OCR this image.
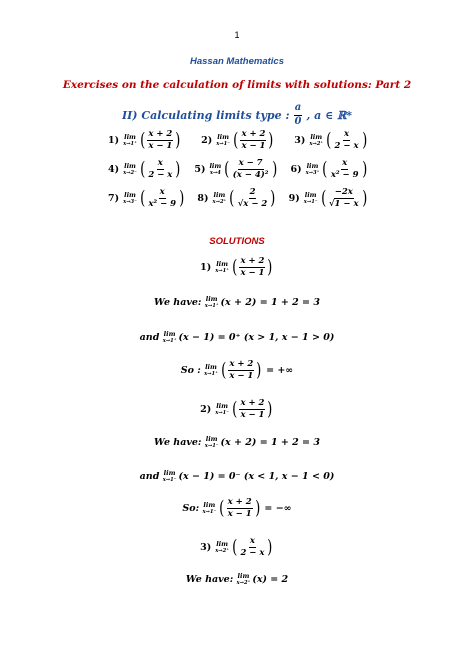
1
Hassan Mathematics
Exercises on the calculation of limits with solutions: Part 2
II) Calculating limits type : $\frac{a}{0}$ , a ∈ ℝ*
1) lim
x→1⁺ ( $\frac{x + 2}{x - 1}$ ) 2) lim
x→1⁻ ( $\frac{x + 2}{x - 1}$ ) 3) lim
x→2⁺ ( $\frac{x}{2 - x}$ )
4) lim
x→2⁻ ( $\frac{x}{2 - x}$ ) 5) lim
x→4 ( $\frac{x - 7}{\text{(x − 4)²}}$ ) 6) lim
x→3⁺ ( $\frac{x}{\text{x² − 9}}$ )
7) lim
x→3⁻ ( $\frac{x}{\text{x² − 9}}$ ) 8) lim
x→2⁺ ( $\frac{2}{√x - 2}$ ) 9) lim
x→1⁻ ( $\frac{-2x}{√1 - x}$ )
SOLUTIONS
1) lim
x→1⁺ ( $\frac{x + 2}{x - 1}$ )
We have:
lim
x→1⁺ (x + 2) = 1 + 2 = 3
and
lim
x→1⁺ (x − 1) = 0⁺ (x > 1, x − 1 > 0)
So :
lim
x→1⁺ ( $\frac{x + 2}{x - 1}$ )
= +∞
2) lim
x→1⁻ ( $\frac{x + 2}{x - 1}$ )
We have:
lim
x→1⁻ (x + 2) = 1 + 2 = 3
and
lim
x→1⁻ (x − 1) = 0⁻ (x < 1, x − 1 < 0)
So:
lim
x→1⁻ ( $\frac{x + 2}{x - 1}$ )
= −∞
3) lim
x→2⁺ ( $\frac{x}{2 - x}$ )
We have:
lim
x→2⁺ (x) = 2
